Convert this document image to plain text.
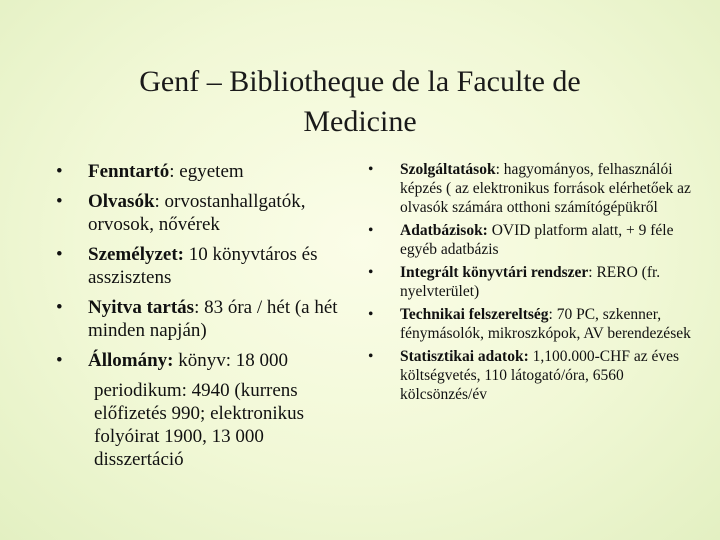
Genf – Bibliotheque de la Faculte de
Medicine
• Fenntartó: egyetem
• Olvasók: orvostanhallgatók, orvosok, nővérek
• Személyzet: 10 könyvtáros és asszisztens
• Nyitva tartás: 83 óra / hét (a hét minden napján)
• Állomány: könyv: 18 000
periodikum: 4940 (kurrens előfizetés 990; elektronikus folyóirat 1900, 13 000 disszertáció
• Szolgáltatások: hagyományos, felhasználói képzés ( az elektronikus források elérhetőek az olvasók számára otthoni számítógépükről
• Adatbázisok: OVID platform alatt, + 9 féle egyéb adatbázis
• Integrált könyvtári rendszer: RERO (fr. nyelvterület)
• Technikai felszereltség: 70 PC, szkenner, fénymásolók, mikroszkópok, AV berendezések
• Statisztikai adatok: 1,100.000-CHF az éves költségvetés, 110 látogató/óra, 6560 kölcsönzés/év
